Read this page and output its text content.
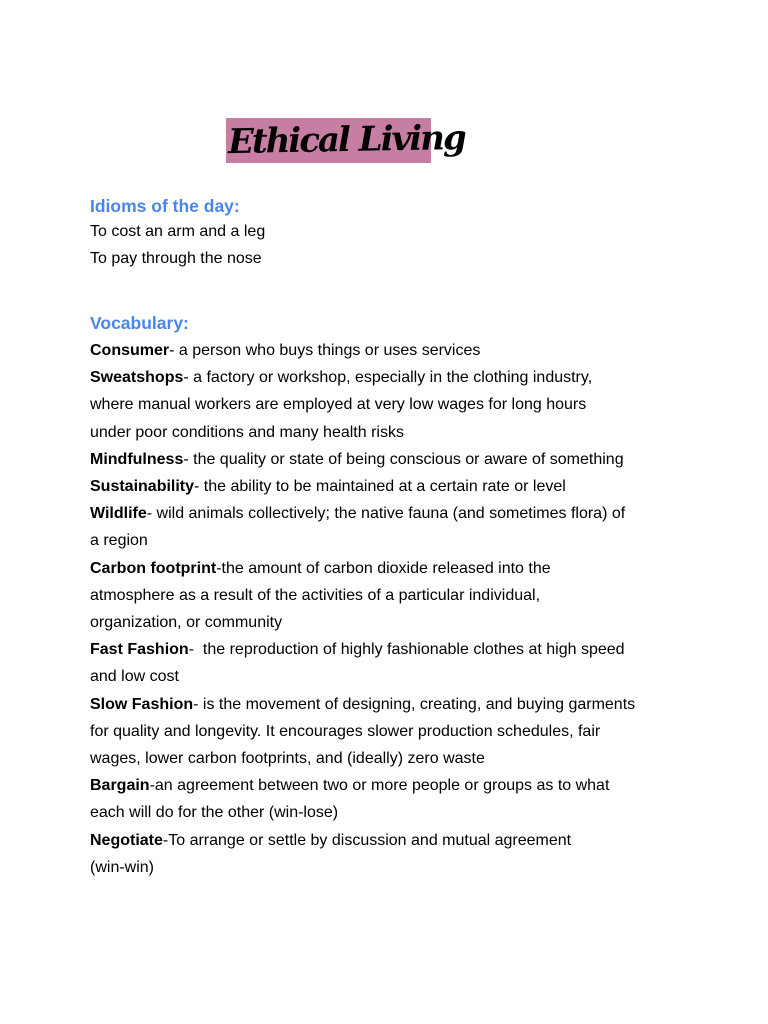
Ethical Living
Idioms of the day:
To cost an arm and a leg
To pay through the nose
Vocabulary:
Consumer- a person who buys things or uses services
Sweatshops- a factory or workshop, especially in the clothing industry,
where manual workers are employed at very low wages for long hours
under poor conditions and many health risks
Mindfulness- the quality or state of being conscious or aware of something
Sustainability- the ability to be maintained at a certain rate or level
Wildlife- wild animals collectively; the native fauna (and sometimes flora) of
a region
Carbon footprint-the amount of carbon dioxide released into the
atmosphere as a result of the activities of a particular individual,
organization, or community
Fast Fashion-  the reproduction of highly fashionable clothes at high speed
and low cost
Slow Fashion- is the movement of designing, creating, and buying garments
for quality and longevity. It encourages slower production schedules, fair
wages, lower carbon footprints, and (ideally) zero waste
Bargain-an agreement between two or more people or groups as to what
each will do for the other (win-lose)
Negotiate-To arrange or settle by discussion and mutual agreement
(win-win)
